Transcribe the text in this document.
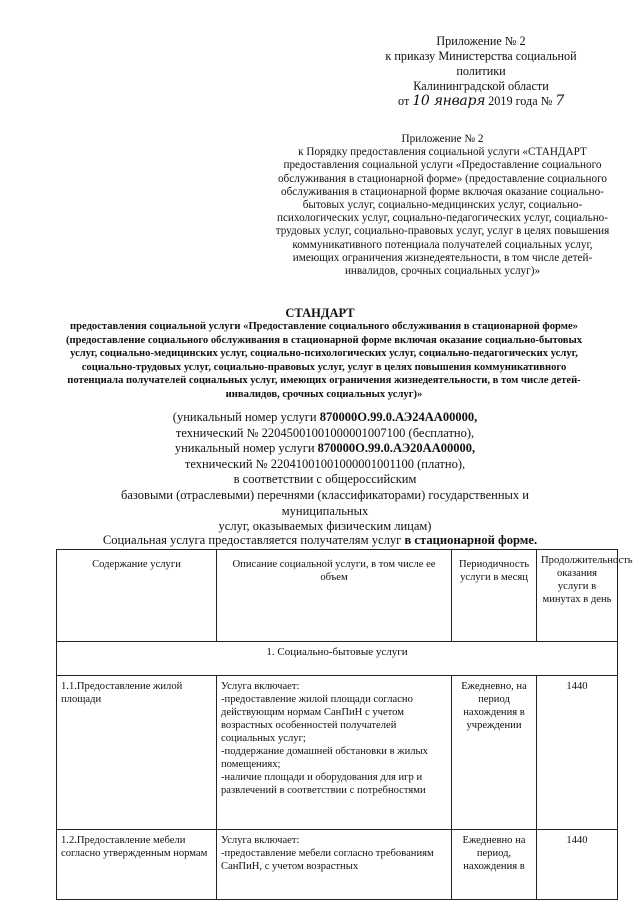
Приложение № 2
к приказу Министерства социальной
политики
Калининградской области
от 10 января 2019 года № 7
Приложение № 2
к Порядку предоставления социальной услуги «СТАНДАРТ предоставления социальной услуги «Предоставление социального обслуживания в стационарной форме» (предоставление социального обслуживания в стационарной форме включая оказание социально-бытовых услуг, социально-медицинских услуг, социально-психологических услуг, социально-педагогических услуг, социально-трудовых услуг, социально-правовых услуг, услуг в целях повышения коммуникативного потенциала получателей социальных услуг, имеющих ограничения жизнедеятельности, в том числе детей-инвалидов, срочных социальных услуг)»
СТАНДАРТ
предоставления социальной услуги «Предоставление социального обслуживания в стационарной форме» (предоставление социального обслуживания в стационарной форме включая оказание социально-бытовых услуг, социально-медицинских услуг, социально-психологических услуг, социально-педагогических услуг, социально-трудовых услуг, социально-правовых услуг, услуг в целях повышения коммуникативного потенциала получателей социальных услуг, имеющих ограничения жизнедеятельности, в том числе детей-инвалидов, срочных социальных услуг)»
(уникальный номер услуги 870000О.99.0.АЭ24АА00000,
технический № 22045001001000001007100 (бесплатно),
уникальный номер услуги 870000О.99.0.АЭ20АА00000,
технический № 22041001001000001001100 (платно),
в соответствии с общероссийским
базовыми (отраслевыми) перечнями (классификаторами) государственных и
муниципальных
услуг, оказываемых физическим лицам)
Социальная услуга предоставляется получателям услуг в стационарной форме.
Содержание услуги	Описание социальной услуги, в том числе ее объем	Периодичность услуги в месяц	Продолжительность оказания услуги в минутах в день
1. Социально-бытовые услуги			
1.1.Предоставление жилой площади	Услуга включает:
-предоставление жилой площади согласно действующим нормам СанПиН с учетом возрастных особенностей получателей социальных услуг;
-поддержание домашней обстановки в жилых помещениях;
-наличие площади и оборудования для игр и развлечений в соответствии с потребностями	Ежедневно, на период нахождения в учреждении	1440
1.2.Предоставление мебели согласно утвержденным нормам	Услуга включает:
-предоставление мебели согласно требованиям СанПиН, с учетом возрастных	Ежедневно на период, нахождения в	1440
